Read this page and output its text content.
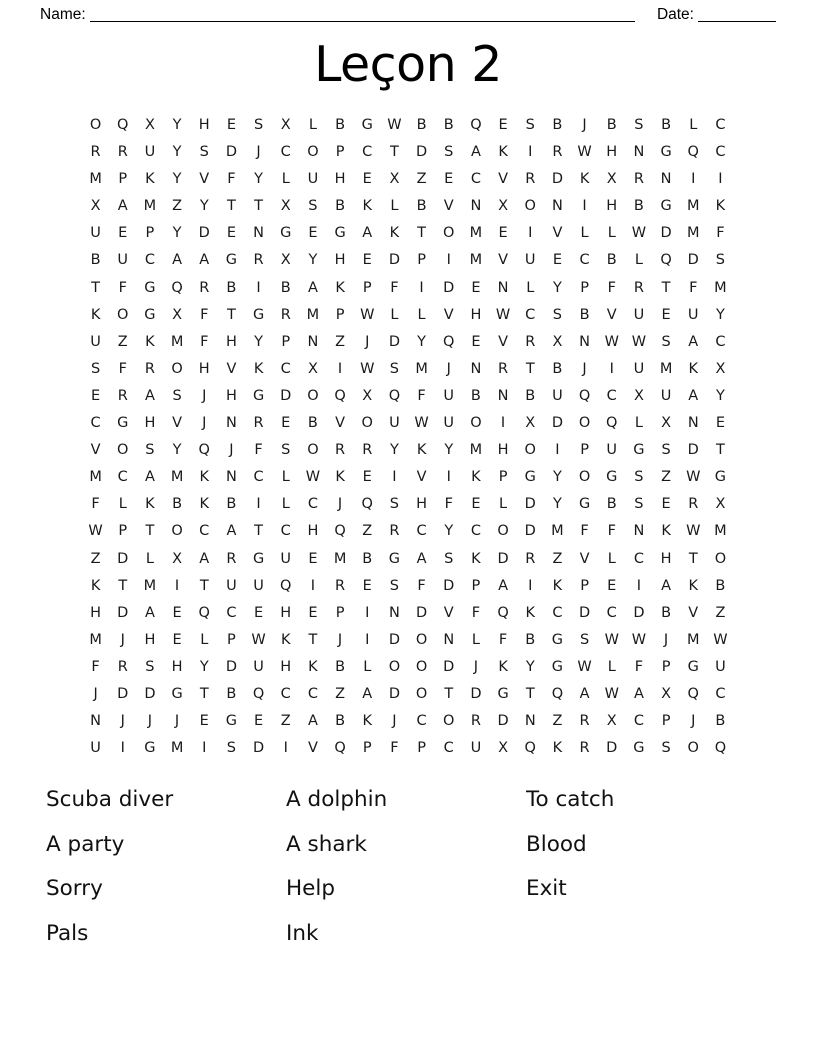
Name:	Date:
Leçon 2
O	Q	X	Y	H	E	S	X	L	B	G W	B	B	Q	E	S	B	J	B	S	B	L	C
R	R	U	Y	S	D	J	C	O	P	C	T	D	S	A	K	I	R	W	H	N	G	Q	C
M	P	K	Y	V	F	Y	L	U	H	E	X	Z	E	C	V	R	D	K	X	R	N	I	I
X	A	M	Z	Y	T	T	X	S	B	K	L	B	V	N	X	O	N	I	H	B	G	M	K
U	E	P	Y	D	E	N	G	E	G	A	K	T	O	M	E	I	V	L	L	W D	M	F
B	U	C	A	A	G	R	X	Y	H	E	D	P	I	M	V	U	E	C	B	L	Q	D	S
T	F	G	Q	R	B	I	B	A	K	P	F	I	D	E	N	L	Y	P	F	R	T	F	M
K	O	G	X	F	T	G	R	M	P	W	L	L	V	H	W	C	S	B	V	U	E	U	Y
U	Z	K	M	F	H	Y	P	N	Z	J	D	Y	Q	E	V	R	X	N	W W	S	A	C
S	F	R	O	H	V	K	C	X	I	W	S	M	J	N	R	T	B	J	I	U	M	K	X
E	R	A	S	J	H	G	D	O	Q	X	Q	F	U	B	N	B	U	Q	C	X	U	A	Y
C	G	H	V	J	N	R	E	B	V	O	U	W	U	O	I	X	D	O	Q	L	X	N	E
V	O	S	Y	Q	J	F	S	O	R	R	Y	K	Y	M	H	O	I	P	U	G	S	D	T
M	C	A	M	K	N	C	L	W	K	E	I	V	I	K	P	G	Y	O	G	S	Z	W G
F	L	K	B	K	B	I	L	C	J	Q	S	H	F	E	L	D	Y	G	B	S	E	R	X
W	P	T	O	C	A	T	C	H	Q	Z	R	C	Y	C	O	D	M	F	F	N	K	W M
Z	D	L	X	A	R	G	U	E	M	B	G	A	S	K	D	R	Z	V	L	C	H	T	O
K	T	M	I	T	U	U	Q	I	R	E	S	F	D	P	A	I	K	P	E	I	A	K	B
H	D	A	E	Q	C	E	H	E	P	I	N	D	V	F	Q	K	C	D	C	D	B	V	Z
M	J	H	E	L	P	W	K	T	J	I	D	O	N	L	F	B	G	S	W W	J	M W
F	R	S	H	Y	D	U	H	K	B	L	O	O	D	J	K	Y	G W	L	F	P	G	U
J	D	D	G	T	B	Q	C	C	Z	A	D	O	T	D	G	T	Q	A	W	A	X	Q	C
N	J	J	J	E	G	E	Z	A	B	K	J	C	O	R	D	N	Z	R	X	C	P	J	B
U	I	G	M	I	S	D	I	V	Q	P	F	P	C	U	X	Q	K	R	D	G	S	O	Q
Scuba diver	A dolphin	To catch
A party	A shark	Blood
Sorry	Help	Exit
Pals	Ink
